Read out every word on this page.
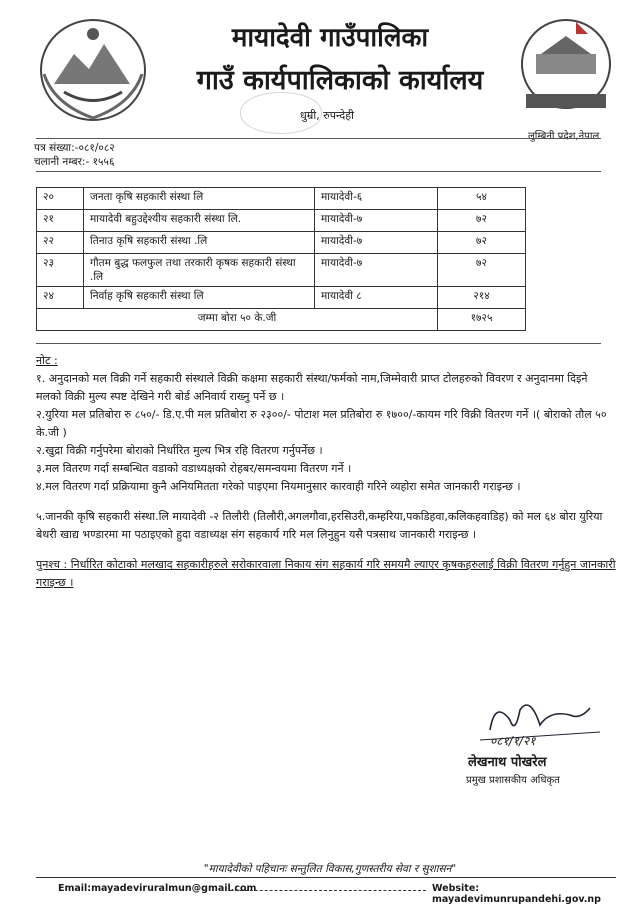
मायादेवी गाउँपालिका
गाउँ कार्यपालिकाको कार्यालय
धुम्री, रुपन्देही
लुम्बिनी प्रदेश,नेपाल
पत्र संख्या:-०८१/०८२
चलानी नम्बर:- १५५६
२०	जनता कृषि सहकारी संस्था लि	मायादेवी-६	५४
२१	मायादेवी बहुउद्देश्यीय सहकारी संस्था लि.	मायादेवी-७	७२
२२	तिनाउ कृषि सहकारी संस्था .लि	मायादेवी-७	७२
२३	गौतम बुद्ध फलफुल तथा तरकारी कृषक सहकारी संस्था .लि	मायादेवी-७	७२
२४	निर्वाह कृषि सहकारी संस्था लि	मायादेवी ८	२१४
जम्मा बोरा ५० के.जी			१७२५

नोट :

१. अनुदानको मल विक्री गर्ने सहकारी संस्थाले विक्री कक्षमा सहकारी संस्था/फर्मको नाम,जिम्मेवारी प्राप्त टोलहरुको विवरण र अनुदानमा दिइने मलको विक्री मुल्य स्पष्ट देखिने गरी बोर्ड अनिवार्य राख्नु पर्ने छ ।

२.युरिया मल प्रतिबोरा रु ८५०/- डि.ए.पी मल प्रतिबोरा रु २३००/- पोटाश मल प्रतिबोरा रु १७००/-कायम गरि विक्री वितरण गर्ने ।( बोराको तौल ५० के.जी )

२.खुद्रा विक्री गर्नुपरेमा बोराको निर्धारित मुल्य भित्र रहि वितरण गर्नुपर्नेछ ।

३.मल वितरण गर्दा सम्बन्धित वडाको वडाध्यक्षको रोहबर/समन्वयमा वितरण गर्ने ।

४.मल वितरण गर्दा प्रक्रियामा कुनै अनियमितता गरेको पाइएमा नियमानुसार कारवाही गरिने व्यहोरा समेत जानकारी गराइन्छ ।

५.जानकी कृषि सहकारी संस्था.लि मायादेवी -२ तिलौरी (तिलौरी,अगलगौवा,हरसिउरी,कम्हरिया,पकडिहवा,कलिकहवाडिह) को मल ६४ बोरा युरिया बेथरी खाद्य भण्डारमा मा पठाइएको हुदा वडाध्यक्ष संग सहकार्य गरि मल लिनुहुन यसै पत्रसाथ जानकारी गराइन्छ ।

पुनश्च : निर्धारित कोटाको मलखाद सहकारीहरुले सरोकारवाला निकाय संग सहकार्य गरि समयमै ल्याएर कृषकहरुलाई विक्री वितरण गर्नुहुन जानकारी गराइन्छ ।

०८१/१/२१
लेखनाथ पोखरेल
प्रमुख प्रशासकीय अधिकृत
"मायादेवीको पहिचानः सन्तुलित विकास,गुणस्तरीय सेवा र सुशासन"
Email:mayadeviruralmun@gmail.com	Website: mayadevimunrupandehi.gov.np
